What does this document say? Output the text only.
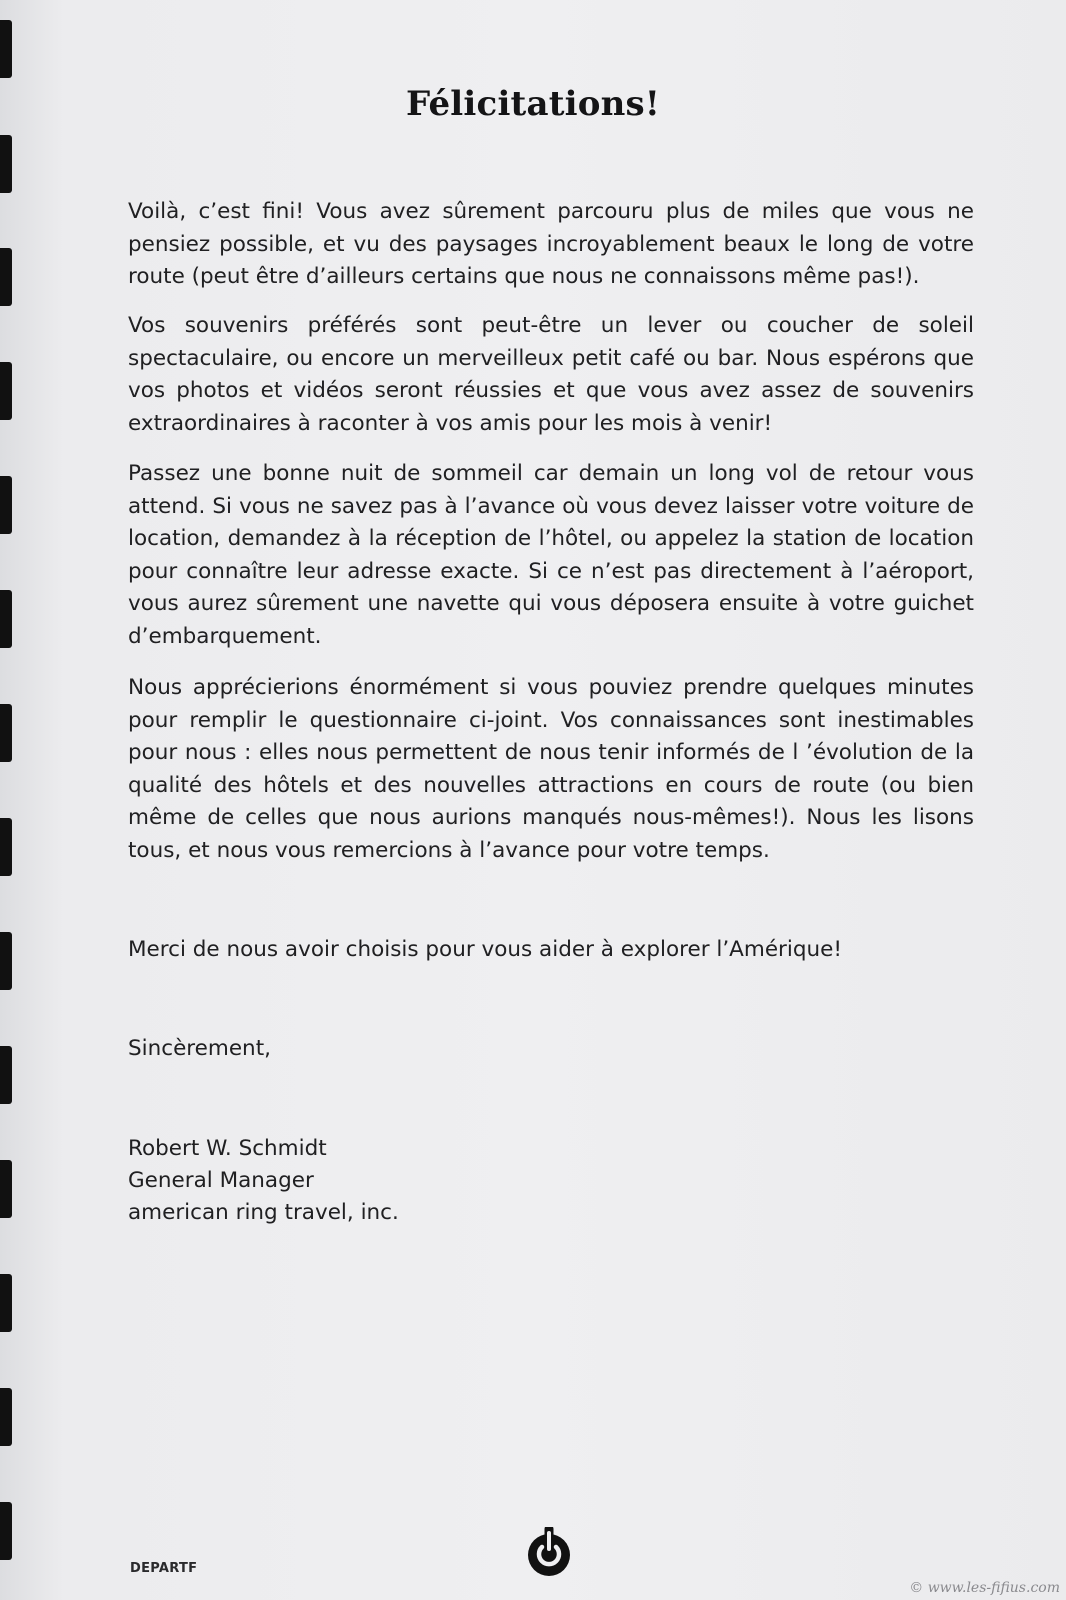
Félicitations!
Voilà, c’est fini! Vous avez sûrement parcouru plus de miles que vous ne pensiez possible, et vu des paysages incroyablement beaux le long de votre route (peut être d’ailleurs certains que nous ne connaissons même pas!).
Vos souvenirs préférés sont peut-être un lever ou coucher de soleil spectaculaire, ou encore un merveilleux petit café ou bar. Nous espérons que vos photos et vidéos seront réussies et que vous avez assez de souvenirs extraordinaires à raconter à vos amis pour les mois à venir!
Passez une bonne nuit de sommeil car demain un long vol de retour vous attend. Si vous ne savez pas à l’avance où vous devez laisser votre voiture de location, demandez à la réception de l’hôtel, ou appelez la station de location pour connaître leur adresse exacte. Si ce n’est pas directement à l’aéroport, vous aurez sûrement une navette qui vous déposera ensuite à votre guichet d’embarquement.
Nous apprécierions énormément si vous pouviez prendre quelques minutes pour remplir le questionnaire ci-joint. Vos connaissances sont inestimables pour nous : elles nous permettent de nous tenir informés de l ’évolution de la qualité des hôtels et des nouvelles attractions en cours de route (ou bien même de celles que nous aurions manqués nous-mêmes!). Nous les lisons tous, et nous vous remercions à l’avance pour votre temps.
Merci de nous avoir choisis pour vous aider à explorer l’Amérique!
Sincèrement,
Robert W. Schmidt
General Manager
american ring travel, inc.
DEPARTF
© www.les-fifius.com
